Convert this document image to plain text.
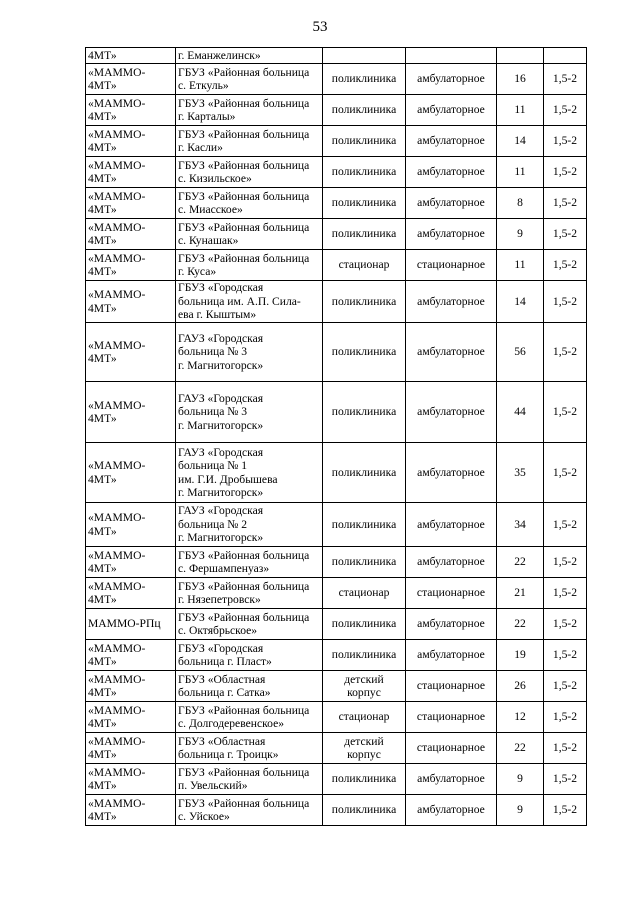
53
4МТ»	г. Еманжелинск»				
«МАММО-
4МТ»	ГБУЗ «Районная больница
с. Еткуль»	поликлиника	амбулаторное	16	1,5-2
«МАММО-
4МТ»	ГБУЗ «Районная больница
г. Карталы»	поликлиника	амбулаторное	11	1,5-2
«МАММО-
4МТ»	ГБУЗ «Районная больница
г. Касли»	поликлиника	амбулаторное	14	1,5-2
«МАММО-
4МТ»	ГБУЗ «Районная больница
с. Кизильское»	поликлиника	амбулаторное	11	1,5-2
«МАММО-
4МТ»	ГБУЗ «Районная больница
с. Миасское»	поликлиника	амбулаторное	8	1,5-2
«МАММО-
4МТ»	ГБУЗ «Районная больница
с. Кунашак»	поликлиника	амбулаторное	9	1,5-2
«МАММО-
4МТ»	ГБУЗ «Районная больница
г. Куса»	стационар	стационарное	11	1,5-2
«МАММО-
4МТ»	ГБУЗ «Городская
больница им. А.П. Сила-
ева г. Кыштым»	поликлиника	амбулаторное	14	1,5-2
«МАММО-
4МТ»	ГАУЗ «Городская
больница № 3
г. Магнитогорск»	поликлиника	амбулаторное	56	1,5-2
«МАММО-
4МТ»	ГАУЗ «Городская
больница № 3
г. Магнитогорск»	поликлиника	амбулаторное	44	1,5-2
«МАММО-
4МТ»	ГАУЗ «Городская
больница № 1
им. Г.И. Дробышева
г. Магнитогорск»	поликлиника	амбулаторное	35	1,5-2
«МАММО-
4МТ»	ГАУЗ «Городская
больница № 2
г. Магнитогорск»	поликлиника	амбулаторное	34	1,5-2
«МАММО-
4МТ»	ГБУЗ «Районная больница
с. Фершампенуаз»	поликлиника	амбулаторное	22	1,5-2
«МАММО-
4МТ»	ГБУЗ «Районная больница
г. Нязепетровск»	стационар	стационарное	21	1,5-2
МАММО-РПц	ГБУЗ «Районная больница
с. Октябрьское»	поликлиника	амбулаторное	22	1,5-2
«МАММО-
4МТ»	ГБУЗ «Городская
больница г. Пласт»	поликлиника	амбулаторное	19	1,5-2
«МАММО-
4МТ»	ГБУЗ «Областная
больница г. Сатка»	детский
корпус	стационарное	26	1,5-2
«МАММО-
4МТ»	ГБУЗ «Районная больница
с. Долгодеревенское»	стационар	стационарное	12	1,5-2
«МАММО-
4МТ»	ГБУЗ «Областная
больница г. Троицк»	детский
корпус	стационарное	22	1,5-2
«МАММО-
4МТ»	ГБУЗ «Районная больница
п. Увельский»	поликлиника	амбулаторное	9	1,5-2
«МАММО-
4МТ»	ГБУЗ «Районная больница
с. Уйское»	поликлиника	амбулаторное	9	1,5-2
